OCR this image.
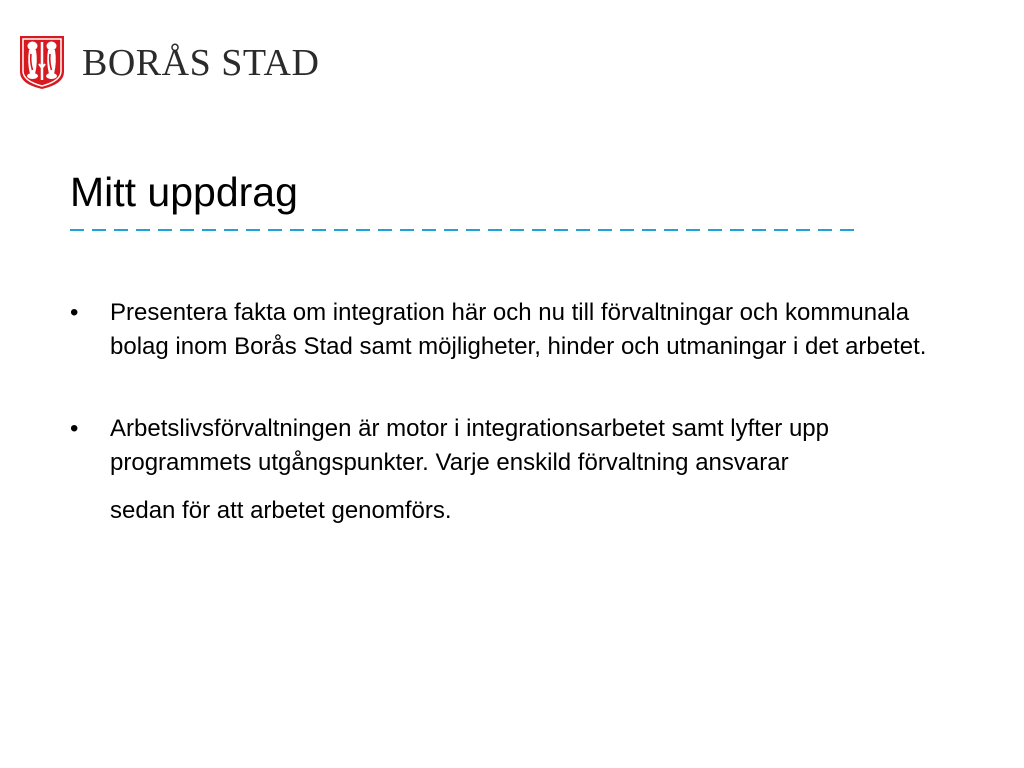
BORÅS STAD
Mitt uppdrag
•	Presentera fakta om integration här och nu till förvaltningar och kommunala bolag inom Borås Stad samt möjligheter, hinder och utmaningar i det arbetet.
•	Arbetslivsförvaltningen är motor i integrationsarbetet samt lyfter upp programmets utgångspunkter. Varje enskild förvaltning ansvarar
sedan för att arbetet genomförs.
